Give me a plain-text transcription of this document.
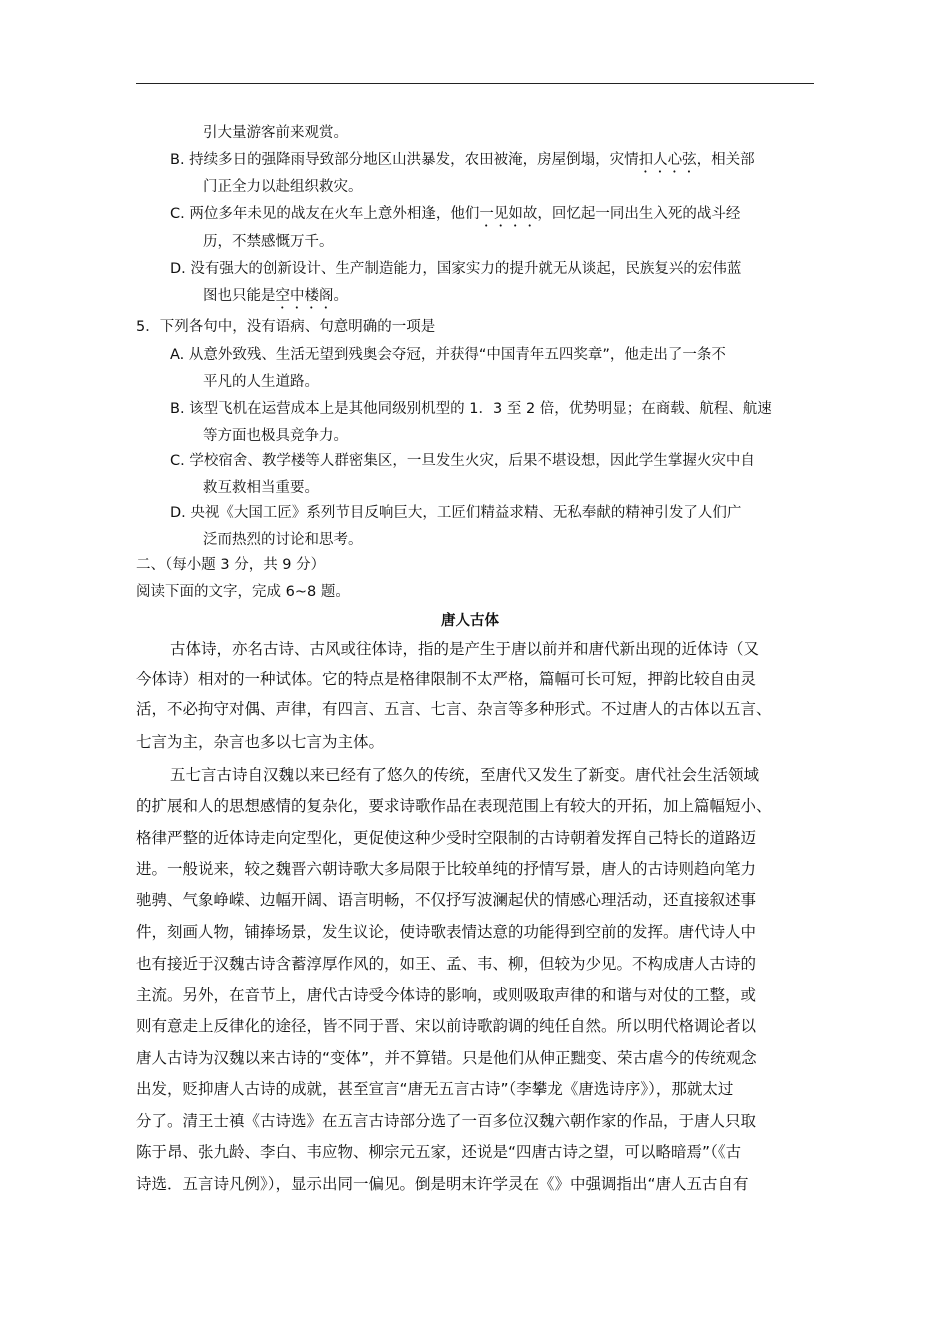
引大量游客前来观赏。
B. 持续多日的强降雨导致部分地区山洪暴发，农田被淹，房屋倒塌，灾情扣人心弦，相关部
门正全力以赴组织救灾。
C. 两位多年未见的战友在火车上意外相逢，他们一见如故，回忆起一同出生入死的战斗经
历，不禁感慨万千。
D. 没有强大的创新设计、生产制造能力，国家实力的提升就无从谈起，民族复兴的宏伟蓝
图也只能是空中楼阁。
5．下列各句中，没有语病、句意明确的一项是
A. 从意外致残、生活无望到残奥会夺冠，并获得“中国青年五四奖章”，他走出了一条不
平凡的人生道路。
B. 该型飞机在运营成本上是其他同级别机型的 1．3 至 2 倍，优势明显；在商载、航程、航速
等方面也极具竞争力。
C. 学校宿舍、教学楼等人群密集区，一旦发生火灾，后果不堪设想，因此学生掌握火灾中自
救互救相当重要。
D. 央视《大国工匠》系列节目反响巨大，工匠们精益求精、无私奉献的精神引发了人们广
泛而热烈的讨论和思考。
二、（每小题 3 分，共 9 分）
阅读下面的文字，完成 6~8 题。
唐人古体
古体诗，亦名古诗、古风或往体诗，指的是产生于唐以前并和唐代新出现的近体诗（又
今体诗）相对的一种试体。它的特点是格律限制不太严格，篇幅可长可短，押韵比较自由灵
活，不必拘守对偶、声律，有四言、五言、七言、杂言等多种形式。不过唐人的古体以五言、
七言为主，杂言也多以七言为主体。
五七言古诗自汉魏以来已经有了悠久的传统，至唐代又发生了新变。唐代社会生活领域
的扩展和人的思想感情的复杂化，要求诗歌作品在表现范围上有较大的开拓，加上篇幅短小、
格律严整的近体诗走向定型化，更促使这种少受时空限制的古诗朝着发挥自己特长的道路迈
进。一般说来，较之魏晋六朝诗歌大多局限于比较单纯的抒情写景，唐人的古诗则趋向笔力
驰骋、气象峥嵘、边幅开阔、语言明畅，不仅抒写波澜起伏的情感心理活动，还直接叙述事
件，刻画人物，铺捧场景，发生议论，使诗歌表情达意的功能得到空前的发挥。唐代诗人中
也有接近于汉魏古诗含蓄淳厚作风的，如王、孟、韦、柳，但较为少见。不构成唐人古诗的
主流。另外，在音节上，唐代古诗受今体诗的影响，或则吸取声律的和谐与对仗的工整，或
则有意走上反律化的途径，皆不同于晋、宋以前诗歌韵调的纯任自然。所以明代格调论者以
唐人古诗为汉魏以来古诗的“变体”，并不算错。只是他们从伸正黜变、荣古虐今的传统观念
出发，贬抑唐人古诗的成就，甚至宣言“唐无五言古诗”（李攀龙《唐选诗序》），那就太过
分了。清王士禛《古诗选》在五言古诗部分选了一百多位汉魏六朝作家的作品，于唐人只取
陈于昂、张九龄、李白、韦应物、柳宗元五家，还说是“四唐古诗之望，可以略暗焉”（《古
诗选．五言诗凡例》），显示出同一偏见。倒是明末许学灵在《》中强调指出“唐人五古自有
